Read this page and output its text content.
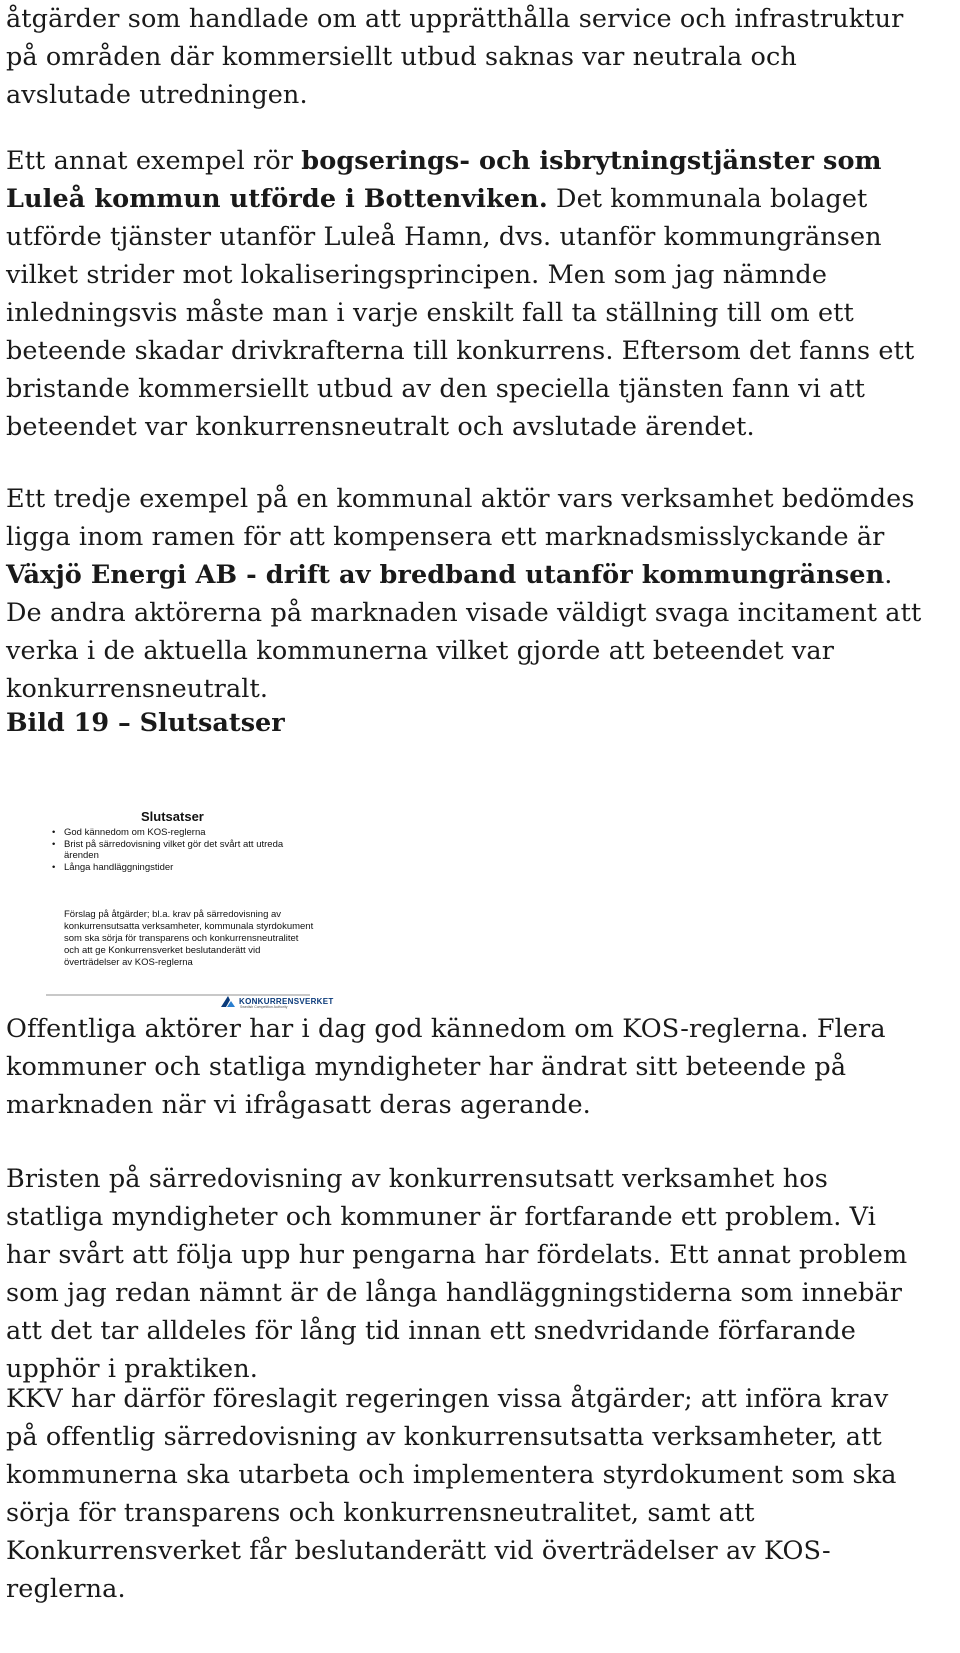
åtgärder som handlade om att upprätthålla service och infrastruktur på områden där kommersiellt utbud saknas var neutrala och avslutade utredningen.

Ett annat exempel rör bogserings- och isbrytningstjänster som Luleå kommun utförde i Bottenviken. Det kommunala bolaget utförde tjänster utanför Luleå Hamn, dvs. utanför kommungränsen vilket strider mot lokaliseringsprincipen. Men som jag nämnde inledningsvis måste man i varje enskilt fall ta ställning till om ett beteende skadar drivkrafterna till konkurrens. Eftersom det fanns ett bristande kommersiellt utbud av den speciella tjänsten fann vi att beteendet var konkurrensneutralt och avslutade ärendet.

Ett tredje exempel på en kommunal aktör vars verksamhet bedömdes ligga inom ramen för att kompensera ett marknadsmisslyckande är Växjö Energi AB - drift av bredband utanför kommungränsen. De andra aktörerna på marknaden visade väldigt svaga incitament att verka i de aktuella kommunerna vilket gjorde att beteendet var konkurrensneutralt.

Bild 19 – Slutsatser

Offentliga aktörer har i dag god kännedom om KOS-reglerna. Flera kommuner och statliga myndigheter har ändrat sitt beteende på marknaden när vi ifrågasatt deras agerande.

Bristen på särredovisning av konkurrensutsatt verksamhet hos statliga myndigheter och kommuner är fortfarande ett problem. Vi har svårt att följa upp hur pengarna har fördelats. Ett annat problem som jag redan nämnt är de långa handläggningstiderna som innebär att det tar alldeles för lång tid innan ett snedvridande förfarande upphör i praktiken.

KKV har därför föreslagit regeringen vissa åtgärder; att införa krav på offentlig särredovisning av konkurrensutsatta verksamheter, att kommunerna ska utarbeta och implementera styrdokument som ska sörja för transparens och konkurrensneutralitet, samt att Konkurrensverket får beslutanderätt vid överträdelser av KOS-reglerna.

Slutsatser
• God kännedom om KOS-reglerna
• Brist på särredovisning vilket gör det svårt att utreda ärenden
• Långa handläggningstider
Förslag på åtgärder; bl.a. krav på särredovisning av konkurrensutsatta verksamheter, kommunala styrdokument som ska sörja för transparens och konkurrensneutralitet och att ge Konkurrensverket beslutanderätt vid överträdelser av KOS-reglerna
KONKURRENSVERKET
Swedish Competition Authority
